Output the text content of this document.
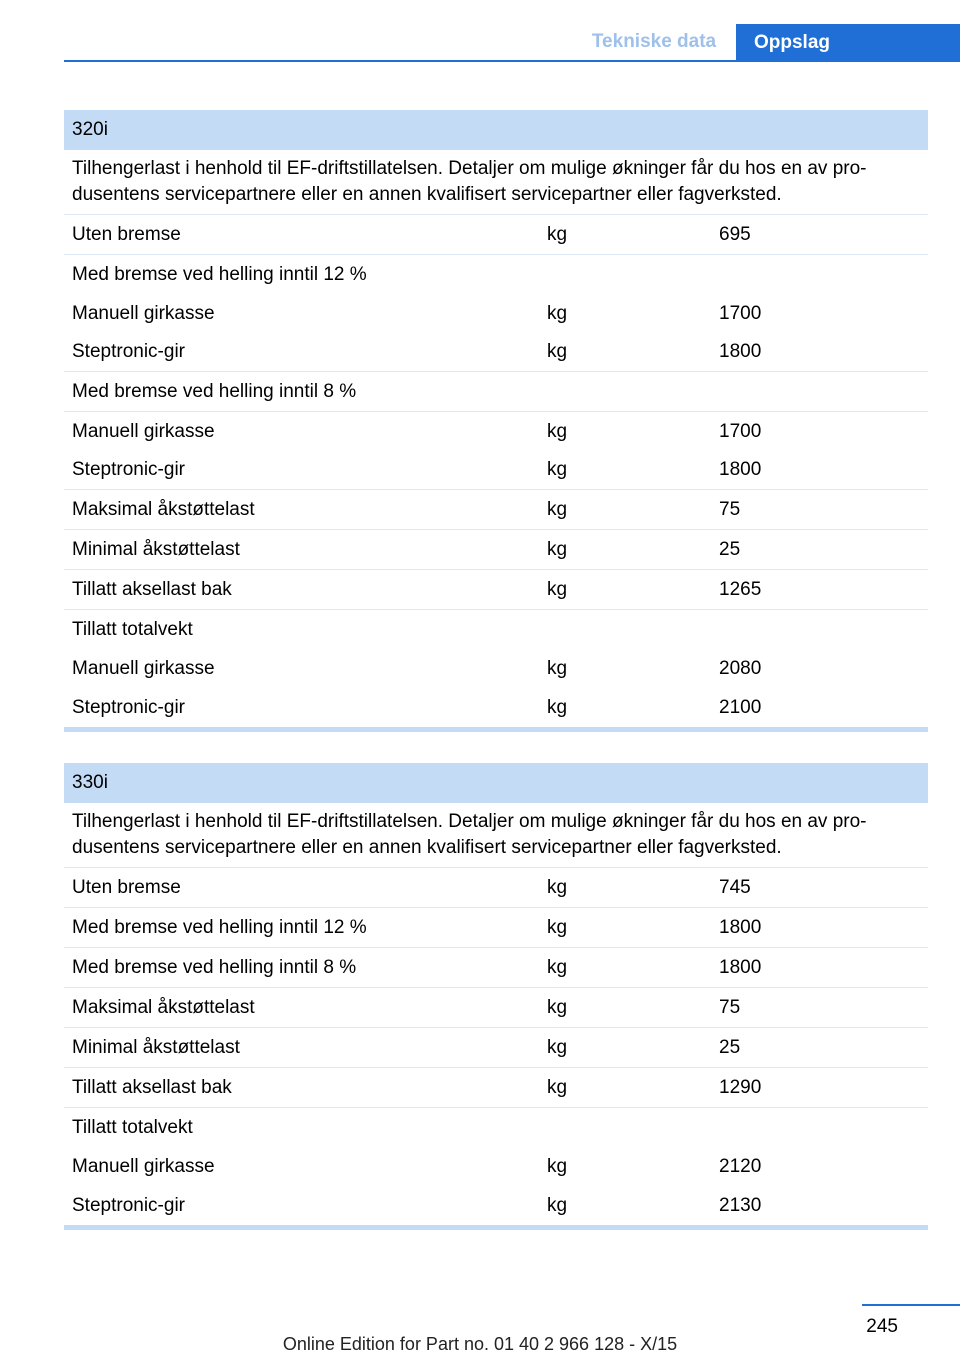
Tekniske data	Oppslag
320i
Tilhengerlast i henhold til EF-driftstillatelsen. Detaljer om mulige økninger får du hos en av pro-dusentens servicepartnere eller en annen kvalifisert servicepartner eller fagverksted.
Uten bremse	kg	695
Med bremse ved helling inntil 12 %
Manuell girkasse	kg	1700
Steptronic-gir	kg	1800
Med bremse ved helling inntil 8 %
Manuell girkasse	kg	1700
Steptronic-gir	kg	1800
Maksimal åkstøttelast	kg	75
Minimal åkstøttelast	kg	25
Tillatt aksellast bak	kg	1265
Tillatt totalvekt
Manuell girkasse	kg	2080
Steptronic-gir	kg	2100
330i
Tilhengerlast i henhold til EF-driftstillatelsen. Detaljer om mulige økninger får du hos en av pro-dusentens servicepartnere eller en annen kvalifisert servicepartner eller fagverksted.
Uten bremse	kg	745
Med bremse ved helling inntil 12 %	kg	1800
Med bremse ved helling inntil 8 %	kg	1800
Maksimal åkstøttelast	kg	75
Minimal åkstøttelast	kg	25
Tillatt aksellast bak	kg	1290
Tillatt totalvekt
Manuell girkasse	kg	2120
Steptronic-gir	kg	2130
245
Online Edition for Part no. 01 40 2 966 128 - X/15
